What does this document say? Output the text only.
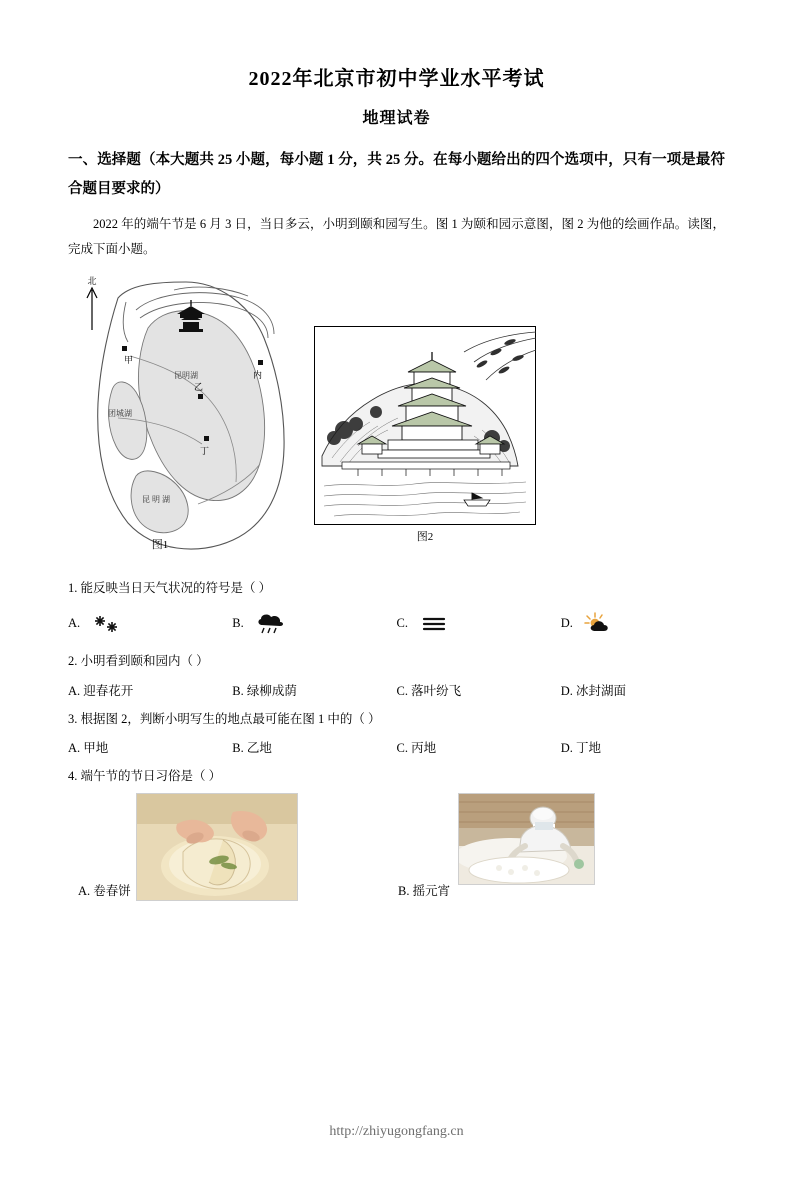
2022年北京市初中学业水平考试
地理试卷
一、选择题（本大题共 25 小题，每小题 1 分，共 25 分。在每小题给出的四个选项中，只有一项是最符合题目要求的）
2022 年的端午节是 6 月 3 日，当日多云，小明到颐和园写生。图 1 为颐和园示意图，图 2 为他的绘画作品。读图，完成下面小题。
北
甲
内
乙
丁
昆明湖
团城湖
昆 明 湖
图1
图2
1. 能反映当日天气状况的符号是（ ）
A.	B.	C.	D.
2. 小明看到颐和园内（ ）
A. 迎春花开	B. 绿柳成荫	C. 落叶纷飞	D. 冰封湖面
3. 根据图 2，判断小明写生的地点最可能在图 1 中的（ ）
A. 甲地	B. 乙地	C. 丙地	D. 丁地
4. 端午节的节日习俗是（ ）
A. 卷春饼	B. 摇元宵
http://zhiyugongfang.cn
